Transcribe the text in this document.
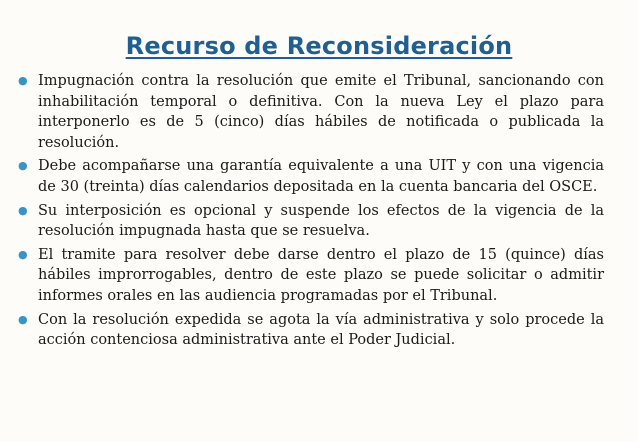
Recurso de Reconsideración
● Impugnación contra la resolución que emite el Tribunal, sancionando con inhabilitación temporal o definitiva. Con la nueva Ley el plazo para interponerlo es de 5 (cinco) días hábiles de notificada o publicada la resolución.
● Debe acompañarse una garantía equivalente a una UIT y con una vigencia de 30 (treinta) días calendarios depositada en la cuenta bancaria del OSCE.
● Su interposición es opcional y suspende los efectos de la vigencia de la resolución impugnada hasta que se resuelva.
● El tramite para resolver debe darse dentro el plazo de 15 (quince) días hábiles improrrogables, dentro de este plazo se puede solicitar o admitir informes orales en las audiencia programadas por el Tribunal.
● Con la resolución expedida se agota la vía administrativa y solo procede la acción contenciosa administrativa ante el Poder Judicial.
